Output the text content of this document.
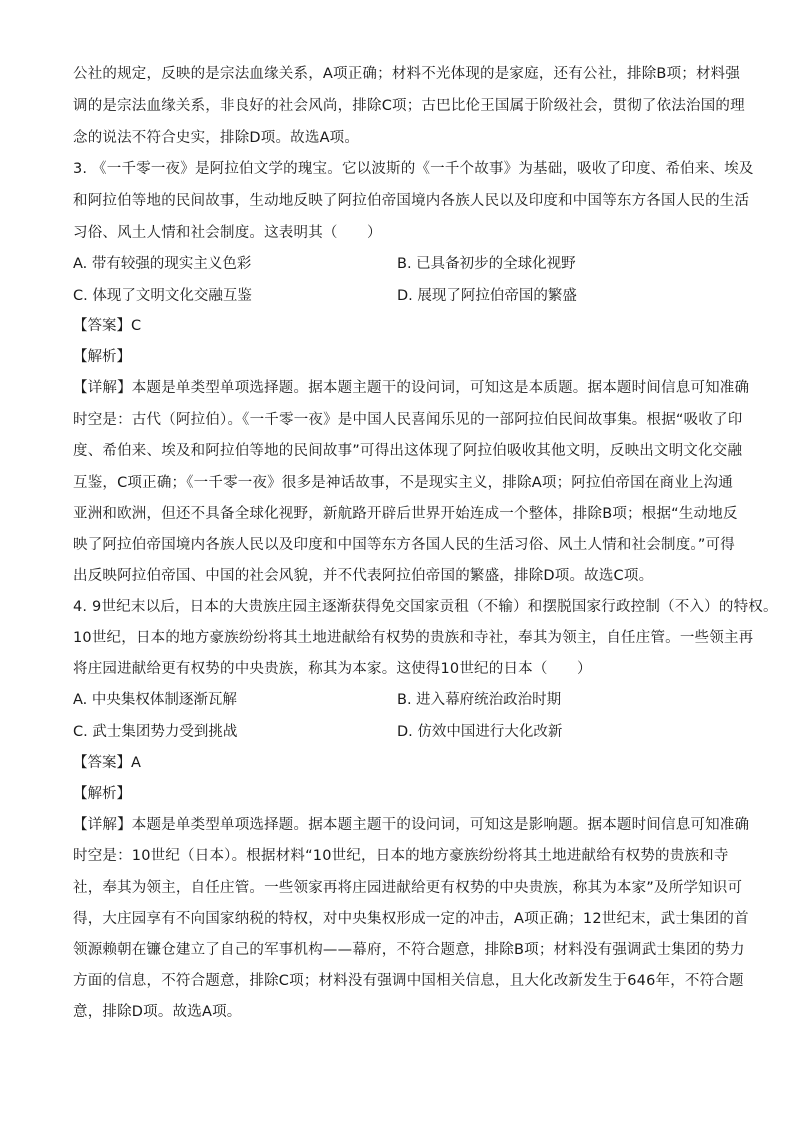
公社的规定，反映的是宗法血缘关系，A项正确；材料不光体现的是家庭，还有公社，排除B项；材料强
调的是宗法血缘关系，非良好的社会风尚，排除C项；古巴比伦王国属于阶级社会，贯彻了依法治国的理
念的说法不符合史实，排除D项。故选A项。
3. 《一千零一夜》是阿拉伯文学的瑰宝。它以波斯的《一千个故事》为基础，吸收了印度、希伯来、埃及
和阿拉伯等地的民间故事，生动地反映了阿拉伯帝国境内各族人民以及印度和中国等东方各国人民的生活
习俗、风土人情和社会制度。这表明其（　　）
A. 带有较强的现实主义色彩	B. 已具备初步的全球化视野
C. 体现了文明文化交融互鉴	D. 展现了阿拉伯帝国的繁盛
【答案】C
【解析】
【详解】本题是单类型单项选择题。据本题主题干的设问词，可知这是本质题。据本题时间信息可知准确
时空是：古代（阿拉伯）。《一千零一夜》是中国人民喜闻乐见的一部阿拉伯民间故事集。根据“吸收了印
度、希伯来、埃及和阿拉伯等地的民间故事”可得出这体现了阿拉伯吸收其他文明，反映出文明文化交融
互鉴，C项正确；《一千零一夜》很多是神话故事，不是现实主义，排除A项；阿拉伯帝国在商业上沟通
亚洲和欧洲，但还不具备全球化视野，新航路开辟后世界开始连成一个整体，排除B项；根据“生动地反
映了阿拉伯帝国境内各族人民以及印度和中国等东方各国人民的生活习俗、风土人情和社会制度。”可得
出反映阿拉伯帝国、中国的社会风貌，并不代表阿拉伯帝国的繁盛，排除D项。故选C项。
4. 9世纪末以后，日本的大贵族庄园主逐渐获得免交国家贡租（不输）和摆脱国家行政控制（不入）的特权。
10世纪，日本的地方豪族纷纷将其土地进献给有权势的贵族和寺社，奉其为领主，自任庄管。一些领主再
将庄园进献给更有权势的中央贵族，称其为本家。这使得10世纪的日本（　　）
A. 中央集权体制逐渐瓦解	B. 进入幕府统治政治时期
C. 武士集团势力受到挑战	D. 仿效中国进行大化改新
【答案】A
【解析】
【详解】本题是单类型单项选择题。据本题主题干的设问词，可知这是影响题。据本题时间信息可知准确
时空是：10世纪（日本）。根据材料“10世纪，日本的地方豪族纷纷将其土地进献给有权势的贵族和寺
社，奉其为领主，自任庄管。一些领家再将庄园进献给更有权势的中央贵族，称其为本家”及所学知识可
得，大庄园享有不向国家纳税的特权，对中央集权形成一定的冲击，A项正确；12世纪末，武士集团的首
领源赖朝在镰仓建立了自己的军事机构——幕府，不符合题意，排除B项；材料没有强调武士集团的势力
方面的信息，不符合题意，排除C项；材料没有强调中国相关信息，且大化改新发生于646年，不符合题
意，排除D项。故选A项。
